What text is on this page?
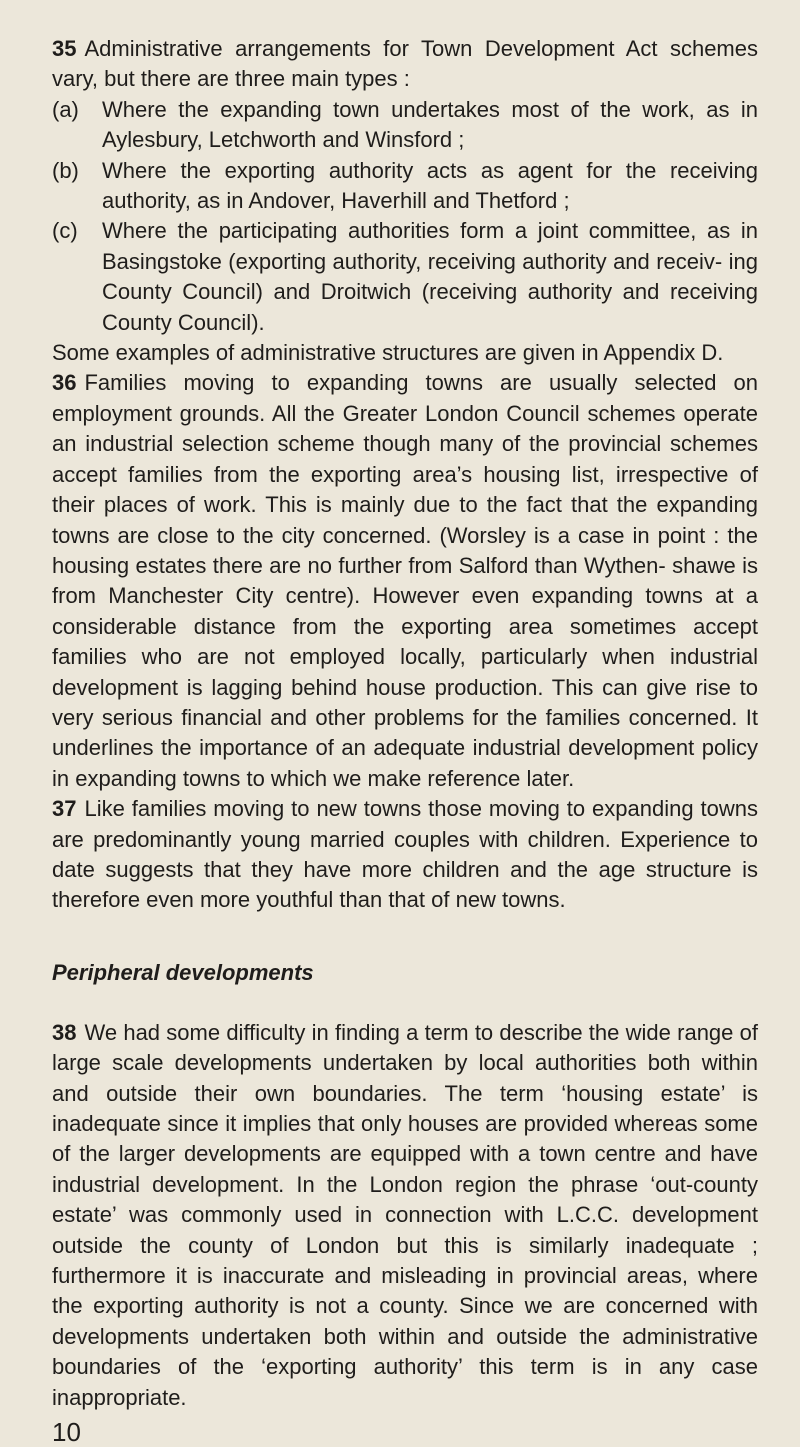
35 Administrative arrangements for Town Development Act schemes vary, but there are three main types :

(a) Where the expanding town undertakes most of the work, as in Aylesbury, Letchworth and Winsford ;
(b) Where the exporting authority acts as agent for the receiving authority, as in Andover, Haverhill and Thetford ;
(c) Where the participating authorities form a joint committee, as in Basingstoke (exporting authority, receiving authority and receiv- ing County Council) and Droitwich (receiving authority and receiving County Council).

Some examples of administrative structures are given in Appendix D.

36 Families moving to expanding towns are usually selected on employment grounds. All the Greater London Council schemes operate an industrial selection scheme though many of the provincial schemes accept families from the exporting area’s housing list, irrespective of their places of work. This is mainly due to the fact that the expanding towns are close to the city concerned. (Worsley is a case in point : the housing estates there are no further from Salford than Wythen- shawe is from Manchester City centre). However even expanding towns at a considerable distance from the exporting area sometimes accept families who are not employed locally, particularly when industrial development is lagging behind house production. This can give rise to very serious financial and other problems for the families concerned. It underlines the importance of an adequate industrial development policy in expanding towns to which we make reference later.

37 Like families moving to new towns those moving to expanding towns are predominantly young married couples with children. Experience to date suggests that they have more children and the age structure is therefore even more youthful than that of new towns.

Peripheral developments

38 We had some difficulty in finding a term to describe the wide range of large scale developments undertaken by local authorities both within and outside their own boundaries. The term ‘housing estate’ is inadequate since it implies that only houses are provided whereas some of the larger developments are equipped with a town centre and have industrial development. In the London region the phrase ‘out-county estate’ was commonly used in connection with L.C.C. development outside the county of London but this is similarly inadequate ; furthermore it is inaccurate and misleading in provincial areas, where the exporting authority is not a county. Since we are concerned with developments undertaken both within and outside the administrative boundaries of the ‘exporting authority’ this term is in any case inappropriate.

10
